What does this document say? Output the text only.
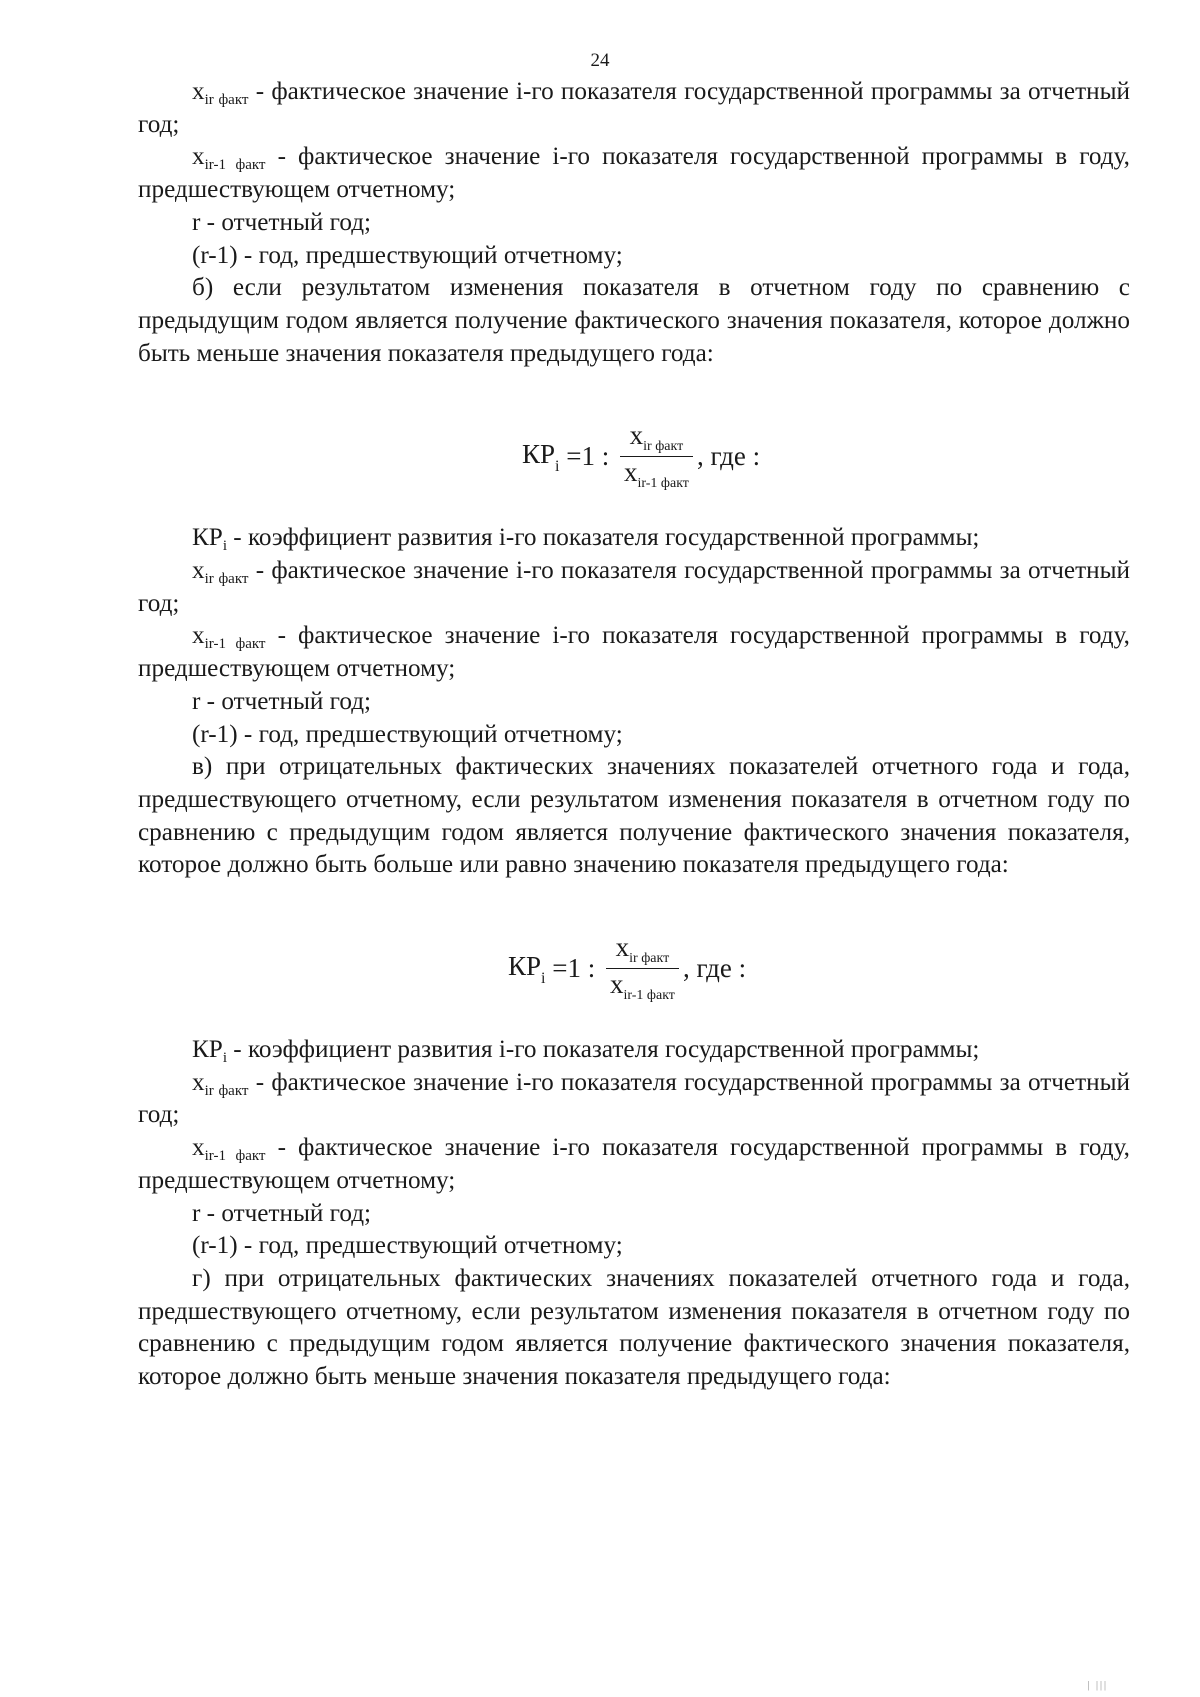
24

xir факт - фактическое значение i-го показателя государственной программы за отчетный год;

xir-1 факт - фактическое значение i-го показателя государственной программы в году, предшествующем отчетному;

r - отчетный год;

(r-1) - год, предшествующий отчетному;

б) если результатом изменения показателя в отчетном году по сравнению с предыдущим годом является получение фактического значения показателя, которое должно быть меньше значения показателя предыдущего года:

$КР_i =1$ : $\frac{x_{ir факт}}{x_{ir-1 факт}}$ , где :

КРi - коэффициент развития i-го показателя государственной программы;

xir факт - фактическое значение i-го показателя государственной программы за отчетный год;

xir-1 факт - фактическое значение i-го показателя государственной программы в году, предшествующем отчетному;

r - отчетный год;

(r-1) - год, предшествующий отчетному;

в) при отрицательных фактических значениях показателей отчетного года и года, предшествующего отчетному, если результатом изменения показателя в отчетном году по сравнению с предыдущим годом является получение фактического значения показателя, которое должно быть больше или равно значению показателя предыдущего года:

$КР_i =1$ : $\frac{x_{ir факт}}{x_{ir-1 факт}}$ , где :

КРi - коэффициент развития i-го показателя государственной программы;

xir факт - фактическое значение i-го показателя государственной программы за отчетный год;

xir-1 факт - фактическое значение i-го показателя государственной программы в году, предшествующем отчетному;

r - отчетный год;

(r-1) - год, предшествующий отчетному;

г) при отрицательных фактических значениях показателей отчетного года и года, предшествующего отчетному, если результатом изменения показателя в отчетном году по сравнению с предыдущим годом является получение фактического значения показателя, которое должно быть меньше значения показателя предыдущего года:

| |||
